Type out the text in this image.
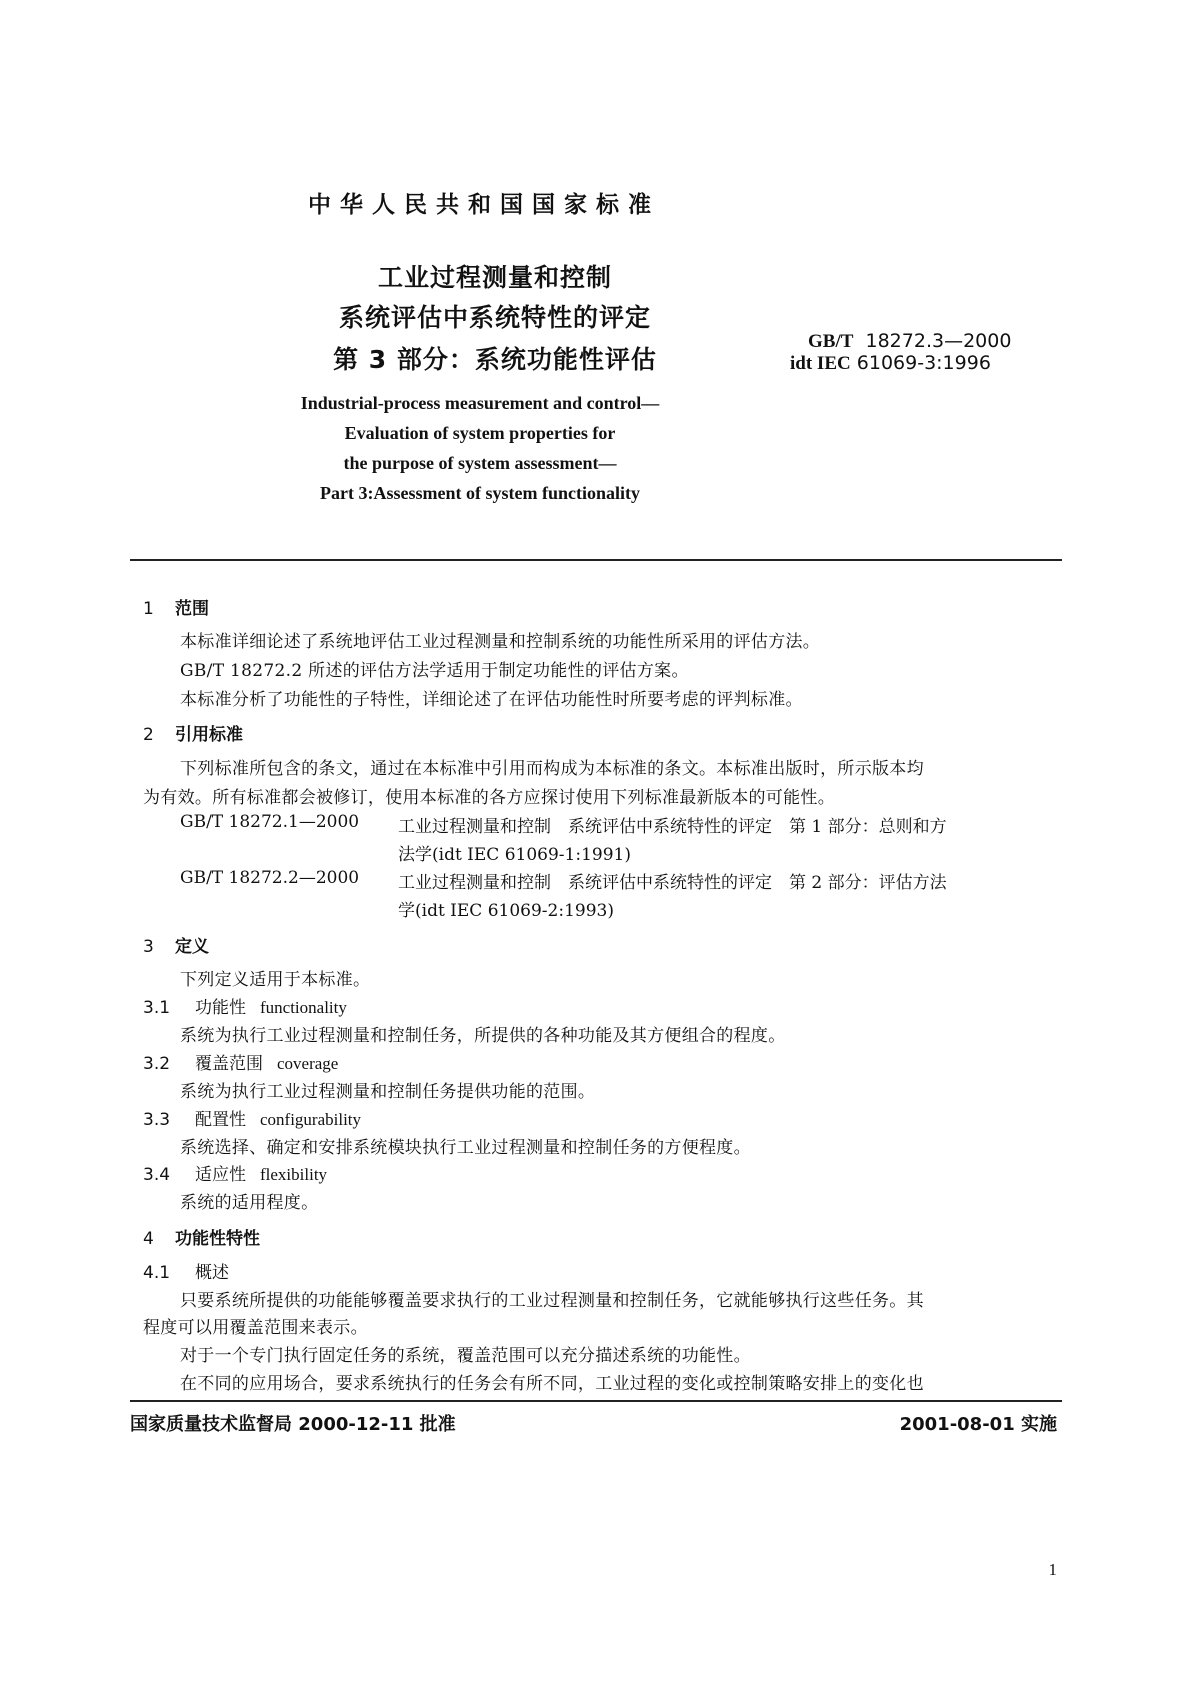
中华人民共和国国家标准
工业过程测量和控制
系统评估中系统特性的评定
第 3 部分：系统功能性评估
GB/T 18272.3—2000
idt IEC 61069-3:1996
Industrial-process measurement and control—
Evaluation of system properties for
the purpose of system assessment—
Part 3:Assessment of system functionality
1 范围
本标准详细论述了系统地评估工业过程测量和控制系统的功能性所采用的评估方法。
GB/T 18272.2 所述的评估方法学适用于制定功能性的评估方案。
本标准分析了功能性的子特性，详细论述了在评估功能性时所要考虑的评判标准。
2 引用标准
下列标准所包含的条文，通过在本标准中引用而构成为本标准的条文。本标准出版时，所示版本均
为有效。所有标准都会被修订，使用本标准的各方应探讨使用下列标准最新版本的可能性。
GB/T 18272.1—2000 工业过程测量和控制　系统评估中系统特性的评定　第 1 部分：总则和方
法学(idt IEC 61069-1:1991)
GB/T 18272.2—2000 工业过程测量和控制　系统评估中系统特性的评定　第 2 部分：评估方法
学(idt IEC 61069-2:1993)
3 定义
下列定义适用于本标准。
3.1 功能性 functionality
系统为执行工业过程测量和控制任务，所提供的各种功能及其方便组合的程度。
3.2 覆盖范围 coverage
系统为执行工业过程测量和控制任务提供功能的范围。
3.3 配置性 configurability
系统选择、确定和安排系统模块执行工业过程测量和控制任务的方便程度。
3.4 适应性 flexibility
系统的适用程度。
4 功能性特性
4.1 概述
只要系统所提供的功能能够覆盖要求执行的工业过程测量和控制任务，它就能够执行这些任务。其
程度可以用覆盖范围来表示。
对于一个专门执行固定任务的系统，覆盖范围可以充分描述系统的功能性。
在不同的应用场合，要求系统执行的任务会有所不同，工业过程的变化或控制策略安排上的变化也
国家质量技术监督局 2000-12-11 批准	2001-08-01 实施
1
